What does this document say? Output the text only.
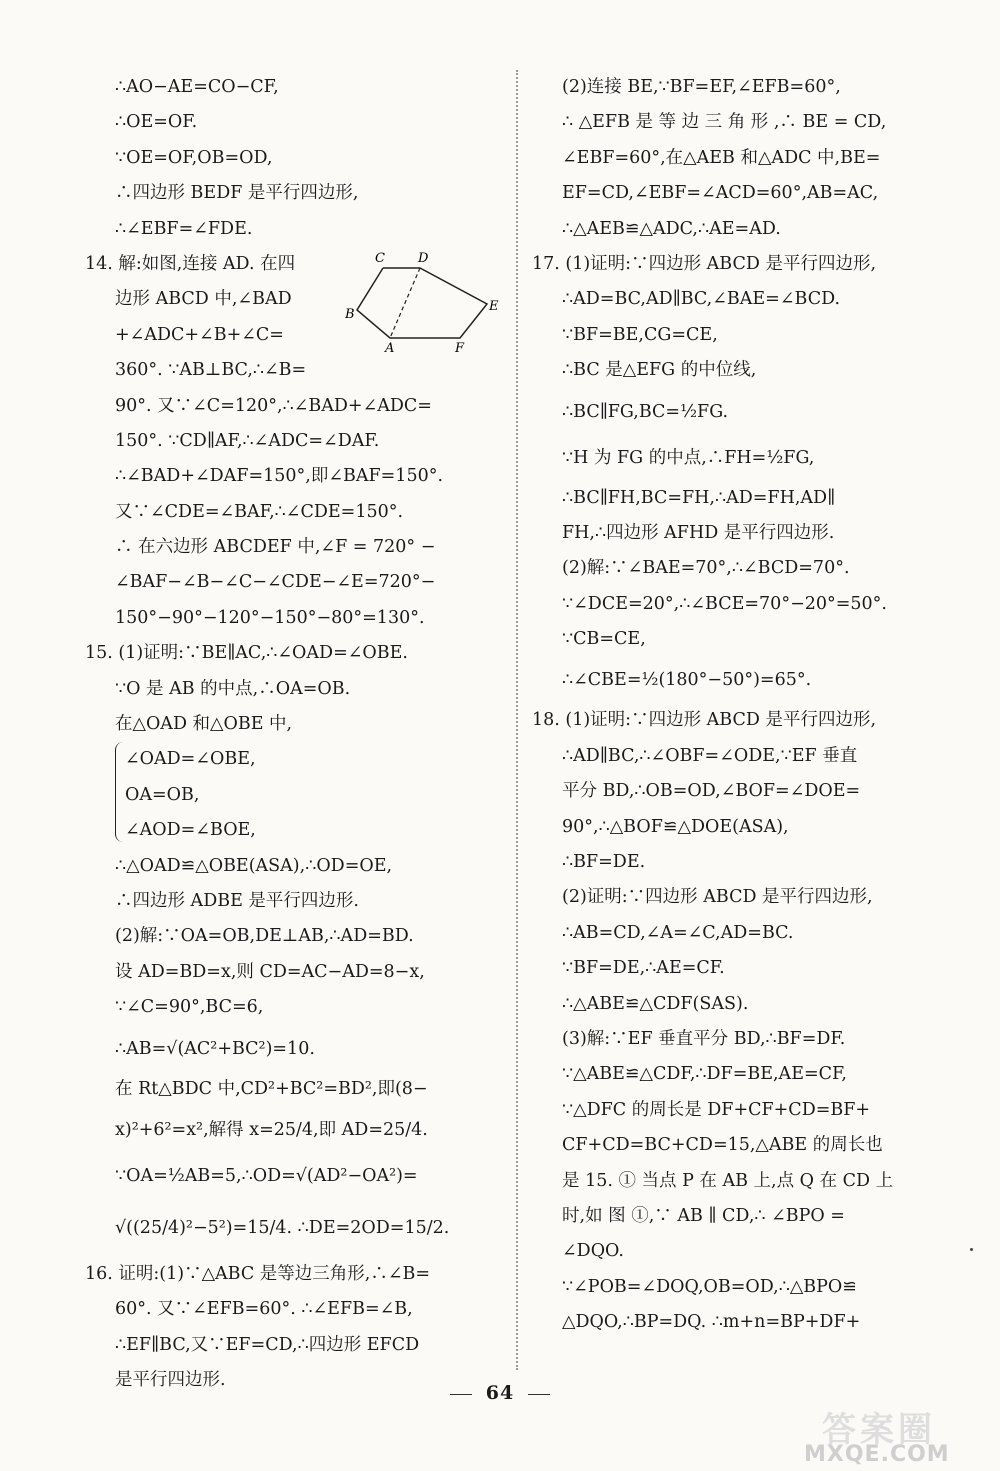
∴AO−AE=CO−CF,
∴OE=OF.
∵OE=OF,OB=OD,
∴四边形 BEDF 是平行四边形,
∴∠EBF=∠FDE.
14. 解:如图,连接 AD. 在四
边形 ABCD 中,∠BAD
+∠ADC+∠B+∠C=
360°. ∵AB⊥BC,∴∠B=
90°. 又∵∠C=120°,∴∠BAD+∠ADC=
150°. ∵CD∥AF,∴∠ADC=∠DAF.
∴∠BAD+∠DAF=150°,即∠BAF=150°.
又∵∠CDE=∠BAF,∴∠CDE=150°.
∴ 在六边形 ABCDEF 中,∠F = 720° −
∠BAF−∠B−∠C−∠CDE−∠E=720°−
150°−90°−120°−150°−80°=130°.
15. (1)证明:∵BE∥AC,∴∠OAD=∠OBE.
∵O 是 AB 的中点,∴OA=OB.
在△OAD 和△OBE 中,
∠OAD=∠OBE,
OA=OB,
∠AOD=∠BOE,
∴△OAD≌△OBE(ASA),∴OD=OE,
∴四边形 ADBE 是平行四边形.
(2)解:∵OA=OB,DE⊥AB,∴AD=BD.
设 AD=BD=x,则 CD=AC−AD=8−x,
∵∠C=90°,BC=6,
∴AB=√(AC²+BC²)=10.
在 Rt△BDC 中,CD²+BC²=BD²,即(8−
x)²+6²=x²,解得 x=25/4,即 AD=25/4.
∵OA=½AB=5,∴OD=√(AD²−OA²)=
√((25/4)²−5²)=15/4. ∴DE=2OD=15/2.
16. 证明:(1)∵△ABC 是等边三角形,∴∠B=
60°. 又∵∠EFB=60°. ∴∠EFB=∠B,
∴EF∥BC,又∵EF=CD,∴四边形 EFCD
是平行四边形.
C	D
E
B
A	F
(2)连接 BE,∵BF=EF,∠EFB=60°,
∴ △EFB 是 等 边 三 角 形 ,∴ BE = CD,
∠EBF=60°,在△AEB 和△ADC 中,BE=
EF=CD,∠EBF=∠ACD=60°,AB=AC,
∴△AEB≌△ADC,∴AE=AD.
17. (1)证明:∵四边形 ABCD 是平行四边形,
∴AD=BC,AD∥BC,∠BAE=∠BCD.
∵BF=BE,CG=CE,
∴BC 是△EFG 的中位线,
∴BC∥FG,BC=½FG.
∵H 为 FG 的中点,∴FH=½FG,
∴BC∥FH,BC=FH,∴AD=FH,AD∥
FH,∴四边形 AFHD 是平行四边形.
(2)解:∵∠BAE=70°,∴∠BCD=70°.
∵∠DCE=20°,∴∠BCE=70°−20°=50°.
∵CB=CE,
∴∠CBE=½(180°−50°)=65°.
18. (1)证明:∵四边形 ABCD 是平行四边形,
∴AD∥BC,∴∠OBF=∠ODE,∵EF 垂直
平分 BD,∴OB=OD,∠BOF=∠DOE=
90°,∴△BOF≌△DOE(ASA),
∴BF=DE.
(2)证明:∵四边形 ABCD 是平行四边形,
∴AB=CD,∠A=∠C,AD=BC.
∵BF=DE,∴AE=CF.
∴△ABE≌△CDF(SAS).
(3)解:∵EF 垂直平分 BD,∴BF=DF.
∵△ABE≌△CDF,∴DF=BE,AE=CF,
∵△DFC 的周长是 DF+CF+CD=BF+
CF+CD=BC+CD=15,△ABE 的周长也
是 15. ① 当点 P 在 AB 上,点 Q 在 CD 上
时,如 图 ①,∵ AB ∥ CD,∴ ∠BPO =
∠DQO.
∵∠POB=∠DOQ,OB=OD,∴△BPO≌
△DQO,∴BP=DQ. ∴m+n=BP+DF+
64
答案圈
MXQE.COM
